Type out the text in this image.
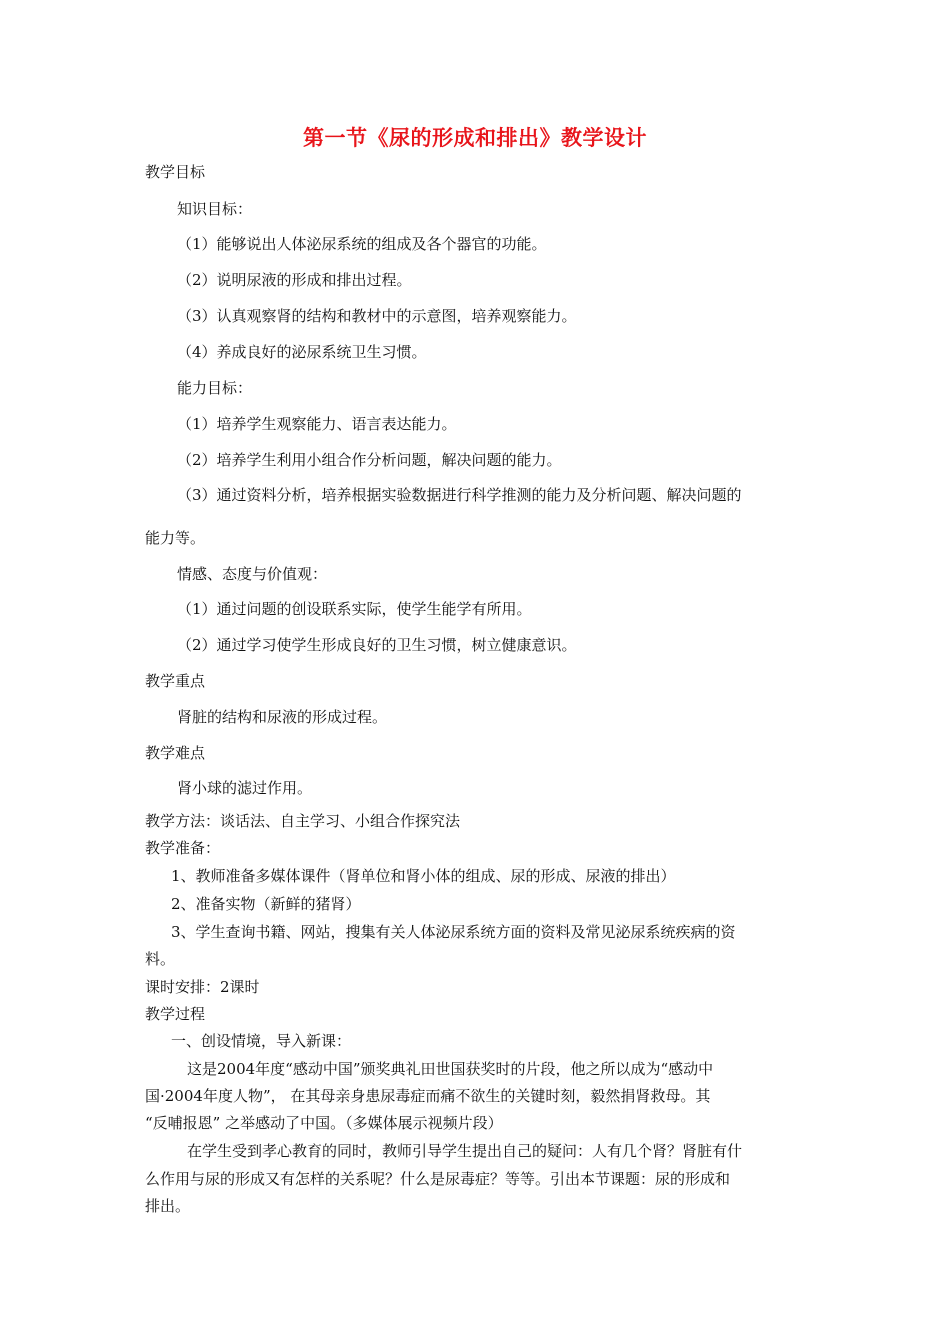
第一节《尿的形成和排出》教学设计
教学目标
知识目标：
（1）能够说出人体泌尿系统的组成及各个器官的功能。
（2）说明尿液的形成和排出过程。
（3）认真观察肾的结构和教材中的示意图，培养观察能力。
（4）养成良好的泌尿系统卫生习惯。
能力目标：
（1）培养学生观察能力、语言表达能力。
（2）培养学生利用小组合作分析问题，解决问题的能力。
（3）通过资料分析，培养根据实验数据进行科学推测的能力及分析问题、解决问题的
能力等。
情感、态度与价值观：
（1）通过问题的创设联系实际，使学生能学有所用。
（2）通过学习使学生形成良好的卫生习惯，树立健康意识。
教学重点
肾脏的结构和尿液的形成过程。
教学难点
肾小球的滤过作用。
教学方法：谈话法、自主学习、小组合作探究法
教学准备：
1、教师准备多媒体课件（肾单位和肾小体的组成、尿的形成、尿液的排出）
2、准备实物（新鲜的猪肾）
3、学生查询书籍、网站，搜集有关人体泌尿系统方面的资料及常见泌尿系统疾病的资
料。
课时安排：2课时
教学过程
一、创设情境，导入新课：
这是2004年度“感动中国”颁奖典礼田世国获奖时的片段，他之所以成为“感动中
国·2004年度人物”， 在其母亲身患尿毒症而痛不欲生的关键时刻，毅然捐肾救母。其
“反哺报恩” 之举感动了中国。（多媒体展示视频片段）
在学生受到孝心教育的同时，教师引导学生提出自己的疑问：人有几个肾？肾脏有什
么作用与尿的形成又有怎样的关系呢？什么是尿毒症？等等。引出本节课题：尿的形成和
排出。
